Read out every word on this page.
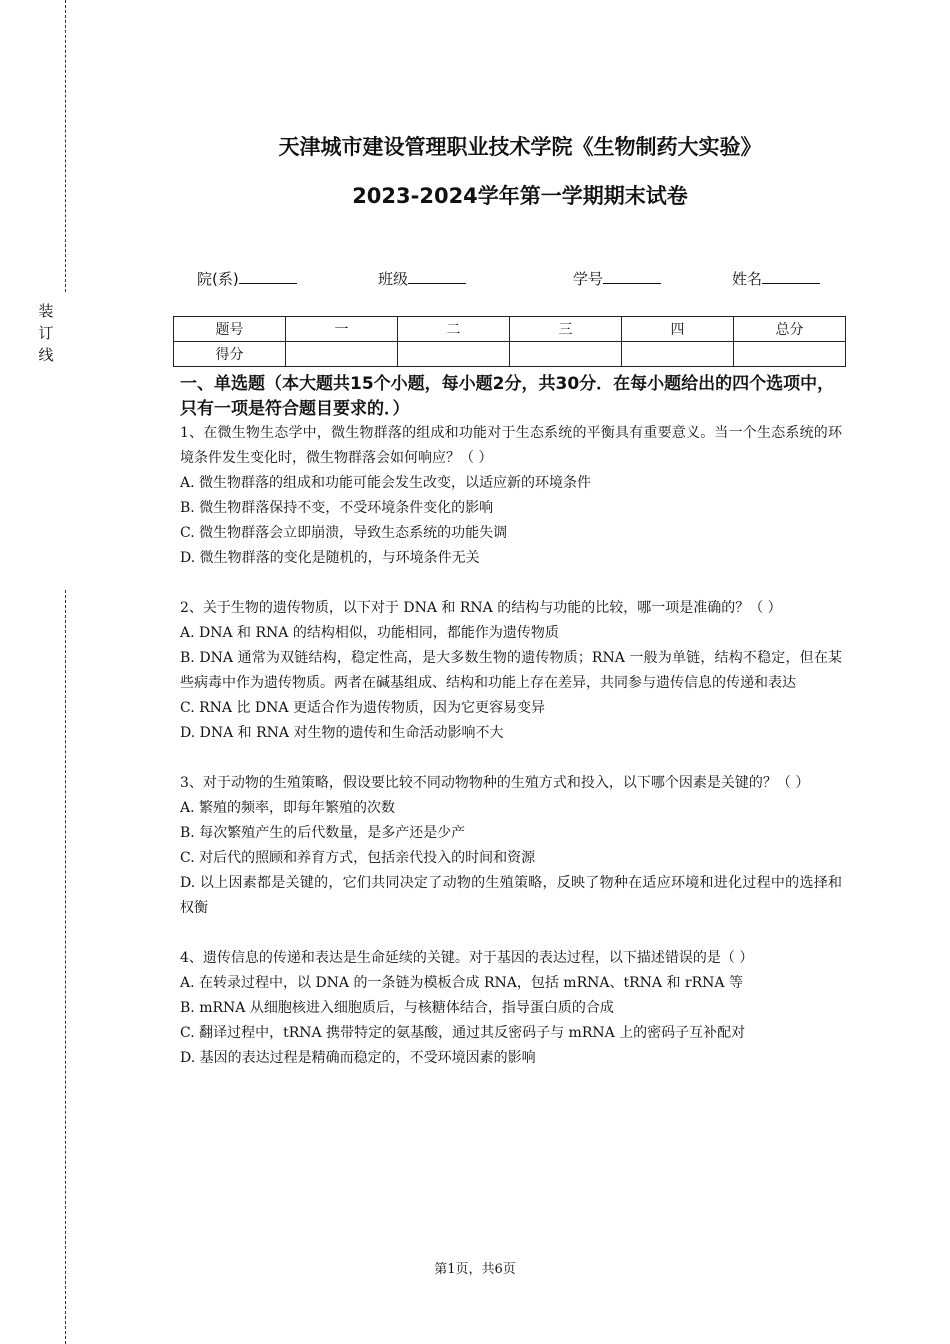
装
订
线
天津城市建设管理职业技术学院《生物制药大实验》
2023-2024学年第一学期期末试卷
院(系)	班级	学号	姓名
题号	一	二	三	四	总分
得分					
一、单选题（本大题共15个小题，每小题2分，共30分．在每小题给出的四个选项中，只有一项是符合题目要求的．）

1、在微生物生态学中，微生物群落的组成和功能对于生态系统的平衡具有重要意义。当一个生态系统的环境条件发生变化时，微生物群落会如何响应？（ ）

A. 微生物群落的组成和功能可能会发生改变，以适应新的环境条件

B. 微生物群落保持不变，不受环境条件变化的影响

C. 微生物群落会立即崩溃，导致生态系统的功能失调

D. 微生物群落的变化是随机的，与环境条件无关

2、关于生物的遗传物质，以下对于 DNA 和 RNA 的结构与功能的比较，哪一项是准确的？（ ）

A. DNA 和 RNA 的结构相似，功能相同，都能作为遗传物质

B. DNA 通常为双链结构，稳定性高，是大多数生物的遗传物质；RNA 一般为单链，结构不稳定，但在某些病毒中作为遗传物质。两者在碱基组成、结构和功能上存在差异，共同参与遗传信息的传递和表达

C. RNA 比 DNA 更适合作为遗传物质，因为它更容易变异

D. DNA 和 RNA 对生物的遗传和生命活动影响不大

3、对于动物的生殖策略，假设要比较不同动物物种的生殖方式和投入，以下哪个因素是关键的？（ ）

A. 繁殖的频率，即每年繁殖的次数

B. 每次繁殖产生的后代数量，是多产还是少产

C. 对后代的照顾和养育方式，包括亲代投入的时间和资源

D. 以上因素都是关键的，它们共同决定了动物的生殖策略，反映了物种在适应环境和进化过程中的选择和权衡

4、遗传信息的传递和表达是生命延续的关键。对于基因的表达过程，以下描述错误的是（ ）

A. 在转录过程中，以 DNA 的一条链为模板合成 RNA，包括 mRNA、tRNA 和 rRNA 等

B. mRNA 从细胞核进入细胞质后，与核糖体结合，指导蛋白质的合成

C. 翻译过程中，tRNA 携带特定的氨基酸，通过其反密码子与 mRNA 上的密码子互补配对

D. 基因的表达过程是精确而稳定的，不受环境因素的影响

第1页，共6页
